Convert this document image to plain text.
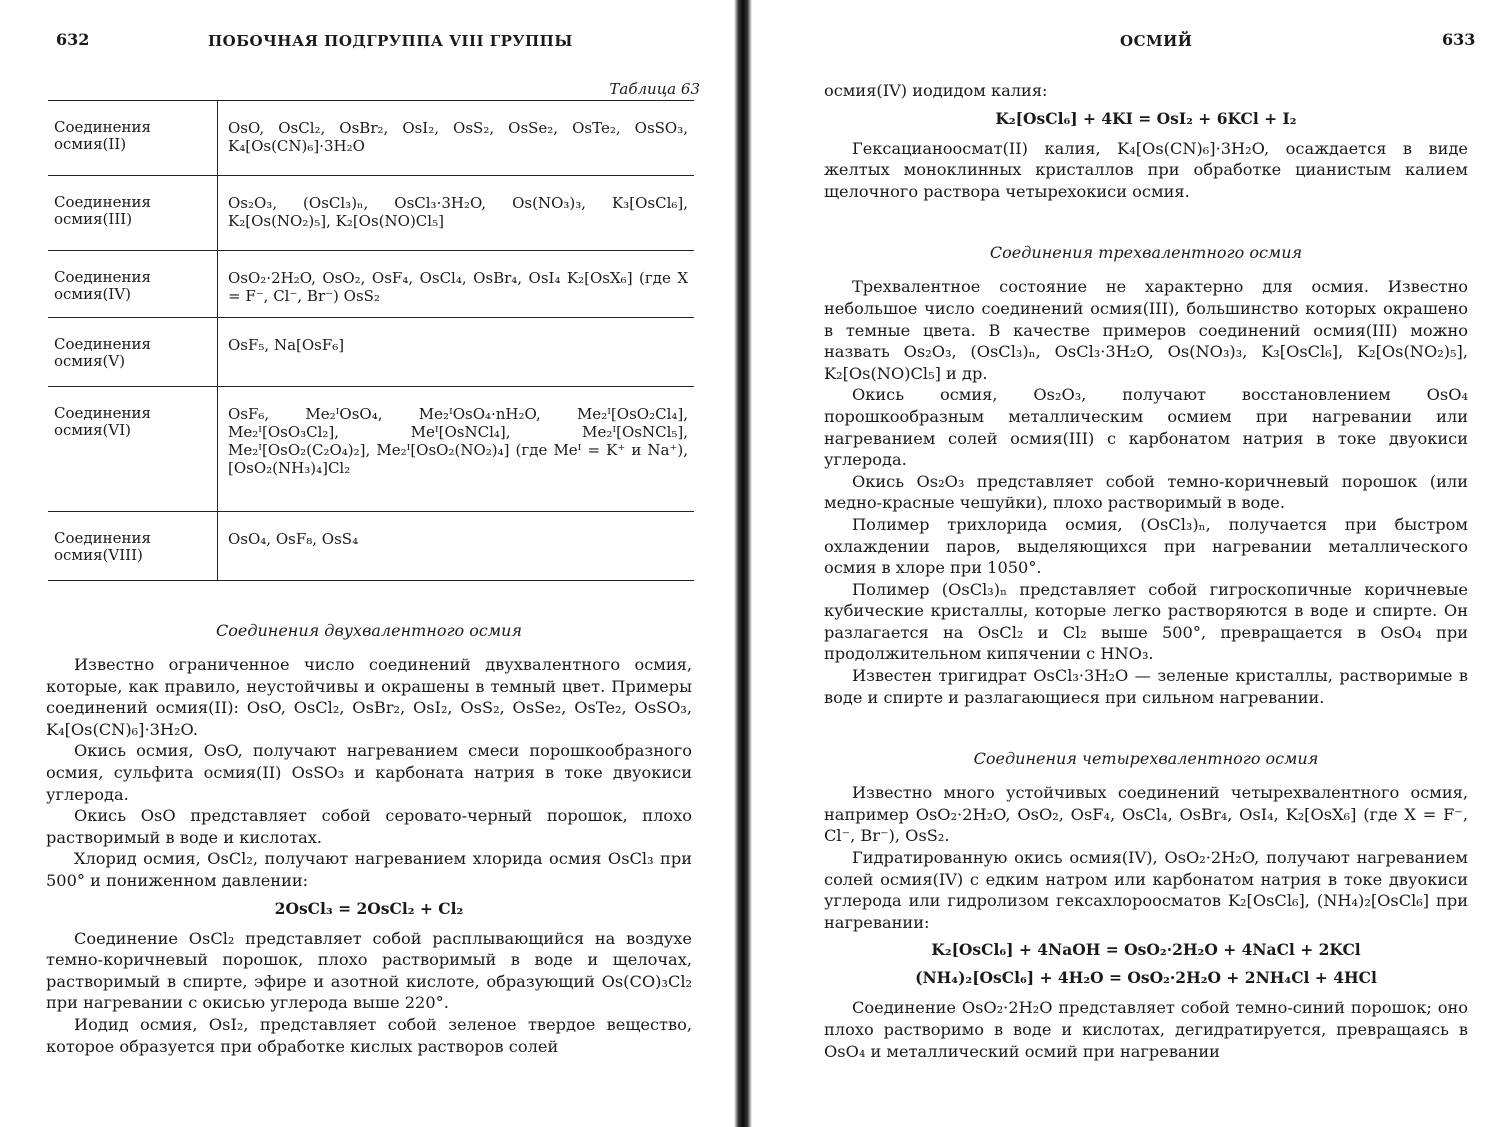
632	ПОБОЧНАЯ ПОДГРУППА VIII ГРУППЫ
Таблица 63
Соединения осмия(II)
OsO, OsCl₂, OsBr₂, OsI₂, OsS₂, OsSe₂, OsTe₂, OsSO₃, K₄[Os(CN)₆]·3H₂O
Соединения осмия(III)
Os₂O₃, (OsCl₃)ₙ, OsCl₃·3H₂O, Os(NO₃)₃, K₃[OsCl₆], K₂[Os(NO₂)₅], K₂[Os(NO)Cl₅]
Соединения осмия(IV)
OsO₂·2H₂O, OsO₂, OsF₄, OsCl₄, OsBr₄, OsI₄ K₂[OsX₆] (где X = F⁻, Cl⁻, Br⁻) OsS₂
Соединения осмия(V)
OsF₅, Na[OsF₆]
Соединения осмия(VI)
OsF₆, Me₂ᴵOsO₄, Me₂ᴵOsO₄·nH₂O, Me₂ᴵ[OsO₂Cl₄], Me₂ᴵ[OsO₃Cl₂], Meᴵ[OsNCl₄], Me₂ᴵ[OsNCl₅], Me₂ᴵ[OsO₂(C₂O₄)₂], Me₂ᴵ[OsO₂(NO₂)₄] (где Meᴵ = K⁺ и Na⁺), [OsO₂(NH₃)₄]Cl₂
Соединения осмия(VIII)
OsO₄, OsF₈, OsS₄
Соединения двухвалентного осмия

Известно ограниченное число соединений двухвалентного осмия, которые, как правило, неустойчивы и окрашены в темный цвет. Примеры соединений осмия(II): OsO, OsCl₂, OsBr₂, OsI₂, OsS₂, OsSe₂, OsTe₂, OsSO₃, K₄[Os(CN)₆]·3H₂O.

Окись осмия, OsO, получают нагреванием смеси порошкообразного осмия, сульфита осмия(II) OsSO₃ и карбоната натрия в токе двуокиси углерода.

Окись OsO представляет собой серовато-черный порошок, плохо растворимый в воде и кислотах.

Хлорид осмия, OsCl₂, получают нагреванием хлорида осмия OsCl₃ при 500° и пониженном давлении:

2OsCl₃ = 2OsCl₂ + Cl₂

Соединение OsCl₂ представляет собой расплывающийся на воздухе темно-коричневый порошок, плохо растворимый в воде и щелочах, растворимый в спирте, эфире и азотной кислоте, образующий Os(CO)₃Cl₂ при нагревании с окисью углерода выше 220°.

Иодид осмия, OsI₂, представляет собой зеленое твердое вещество, которое образуется при обработке кислых растворов солей

ОСМИЙ	633

осмия(IV) иодидом калия:

K₂[OsCl₆] + 4KI = OsI₂ + 6KCl + I₂

Гексацианоосмат(II) калия, K₄[Os(CN)₆]·3H₂O, осаждается в виде желтых моноклинных кристаллов при обработке цианистым калием щелочного раствора четырехокиси осмия.

Соединения трехвалентного осмия

Трехвалентное состояние не характерно для осмия. Известно небольшое число соединений осмия(III), большинство которых окрашено в темные цвета. В качестве примеров соединений осмия(III) можно назвать Os₂O₃, (OsCl₃)ₙ, OsCl₃·3H₂O, Os(NO₃)₃, K₃[OsCl₆], K₂[Os(NO₂)₅], K₂[Os(NO)Cl₅] и др.

Окись осмия, Os₂O₃, получают восстановлением OsO₄ порошкообразным металлическим осмием при нагревании или нагреванием солей осмия(III) с карбонатом натрия в токе двуокиси углерода.

Окись Os₂O₃ представляет собой темно-коричневый порошок (или медно-красные чешуйки), плохо растворимый в воде.

Полимер трихлорида осмия, (OsCl₃)ₙ, получается при быстром охлаждении паров, выделяющихся при нагревании металлического осмия в хлоре при 1050°.

Полимер (OsCl₃)ₙ представляет собой гигроскопичные коричневые кубические кристаллы, которые легко растворяются в воде и спирте. Он разлагается на OsCl₂ и Cl₂ выше 500°, превращается в OsO₄ при продолжительном кипячении с HNO₃.

Известен тригидрат OsCl₃·3H₂O — зеленые кристаллы, растворимые в воде и спирте и разлагающиеся при сильном нагревании.

Соединения четырехвалентного осмия

Известно много устойчивых соединений четырехвалентного осмия, например OsO₂·2H₂O, OsO₂, OsF₄, OsCl₄, OsBr₄, OsI₄, K₂[OsX₆] (где X = F⁻, Cl⁻, Br⁻), OsS₂.

Гидратированную окись осмия(IV), OsO₂·2H₂O, получают нагреванием солей осмия(IV) с едким натром или карбонатом натрия в токе двуокиси углерода или гидролизом гексахлороосматов K₂[OsCl₆], (NH₄)₂[OsCl₆] при нагревании:

K₂[OsCl₆] + 4NaOH = OsO₂·2H₂O + 4NaCl + 2KCl
(NH₄)₂[OsCl₆] + 4H₂O = OsO₂·2H₂O + 2NH₄Cl + 4HCl

Соединение OsO₂·2H₂O представляет собой темно-синий порошок; оно плохо растворимо в воде и кислотах, дегидратируется, превращаясь в OsO₄ и металлический осмий при нагревании
